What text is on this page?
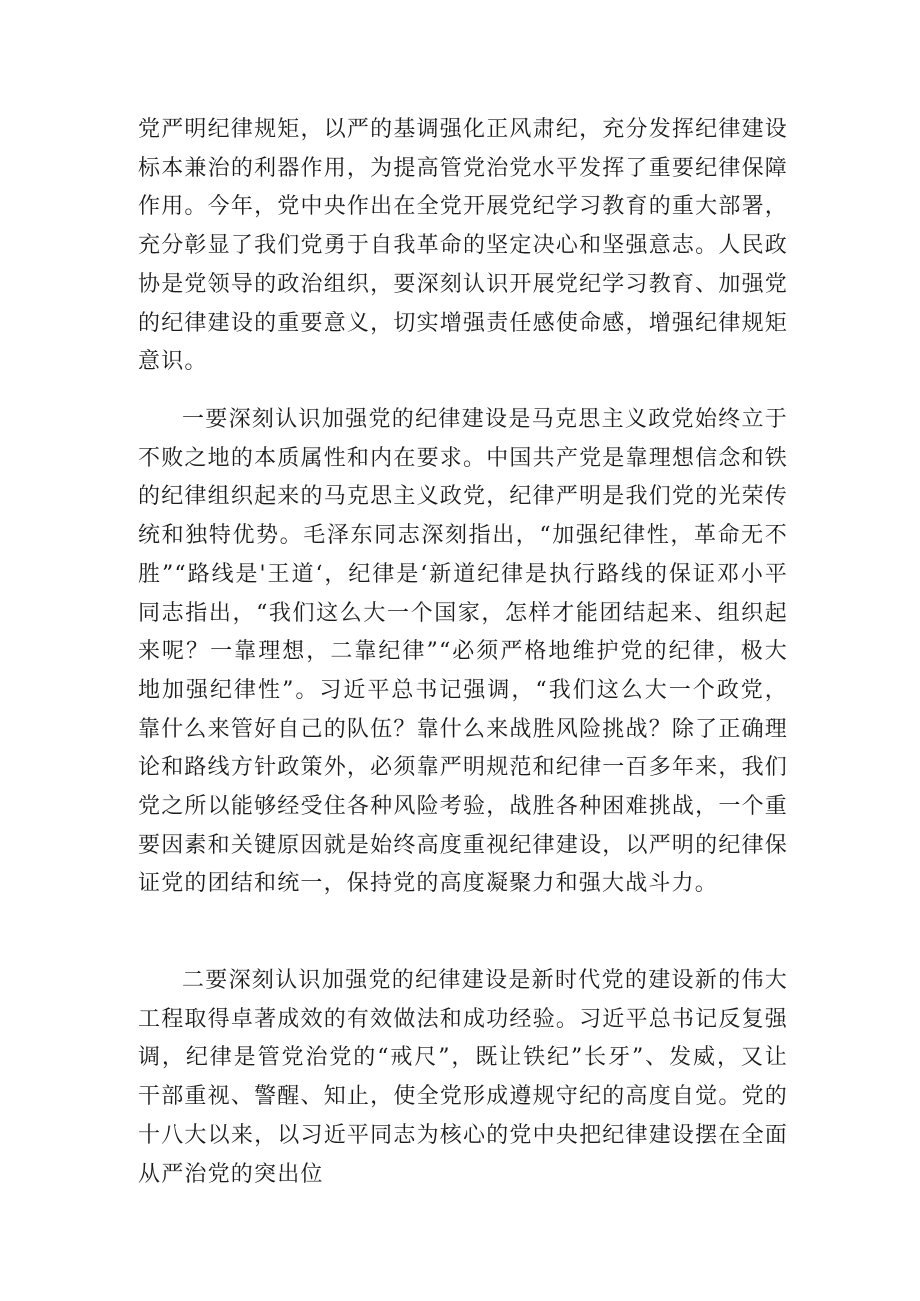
党严明纪律规矩，以严的基调强化正风肃纪，充分发挥纪律建设标本兼治的利器作用，为提高管党治党水平发挥了重要纪律保障作用。今年，党中央作出在全党开展党纪学习教育的重大部署，充分彰显了我们党勇于自我革命的坚定决心和坚强意志。人民政协是党领导的政治组织，要深刻认识开展党纪学习教育、加强党的纪律建设的重要意义，切实增强责任感使命感，增强纪律规矩意识。

一要深刻认识加强党的纪律建设是马克思主义政党始终立于不败之地的本质属性和内在要求。中国共产党是靠理想信念和铁的纪律组织起来的马克思主义政党，纪律严明是我们党的光荣传统和独特优势。毛泽东同志深刻指出，“加强纪律性，革命无不胜”“路线是'王道‘，纪律是‘新道纪律是执行路线的保证邓小平同志指出，“我们这么大一个国家，怎样才能团结起来、组织起来呢？一靠理想，二靠纪律”“必须严格地维护党的纪律，极大地加强纪律性”。习近平总书记强调，“我们这么大一个政党，靠什么来管好自己的队伍？靠什么来战胜风险挑战？除了正确理论和路线方针政策外，必须靠严明规范和纪律一百多年来，我们党之所以能够经受住各种风险考验，战胜各种困难挑战，一个重要因素和关键原因就是始终高度重视纪律建设，以严明的纪律保证党的团结和统一，保持党的高度凝聚力和强大战斗力。

二要深刻认识加强党的纪律建设是新时代党的建设新的伟大工程取得卓著成效的有效做法和成功经验。习近平总书记反复强调，纪律是管党治党的“戒尺”，既让铁纪”长牙”、发威，又让干部重视、警醒、知止，使全党形成遵规守纪的高度自觉。党的十八大以来，以习近平同志为核心的党中央把纪律建设摆在全面从严治党的突出位
